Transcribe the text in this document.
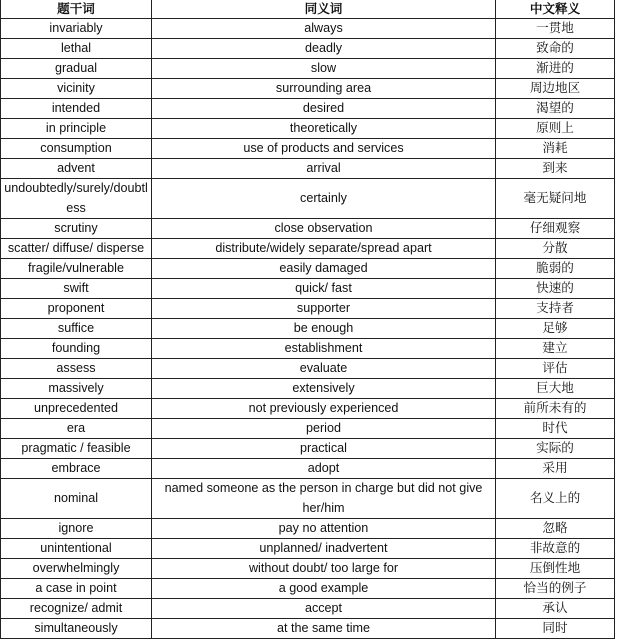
题干词	同义词	中文释义
invariably	always	一贯地
lethal	deadly	致命的
gradual	slow	渐进的
vicinity	surrounding area	周边地区
intended	desired	渴望的
in principle	theoretically	原则上
consumption	use of products and services	消耗
advent	arrival	到来
undoubtedly/surely/doubtless	certainly	毫无疑问地
scrutiny	close observation	仔细观察
scatter/ diffuse/ disperse	distribute/widely separate/spread apart	分散
fragile/vulnerable	easily damaged	脆弱的
swift	quick/ fast	快速的
proponent	supporter	支持者
suffice	be enough	足够
founding	establishment	建立
assess	evaluate	评估
massively	extensively	巨大地
unprecedented	not previously experienced	前所未有的
era	period	时代
pragmatic / feasible	practical	实际的
embrace	adopt	采用
nominal	named someone as the person in charge but did not give her/him	名义上的
ignore	pay no attention	忽略
unintentional	unplanned/ inadvertent	非故意的
overwhelmingly	without doubt/ too large for	压倒性地
a case in point	a good example	恰当的例子
recognize/ admit	accept	承认
simultaneously	at the same time	同时
